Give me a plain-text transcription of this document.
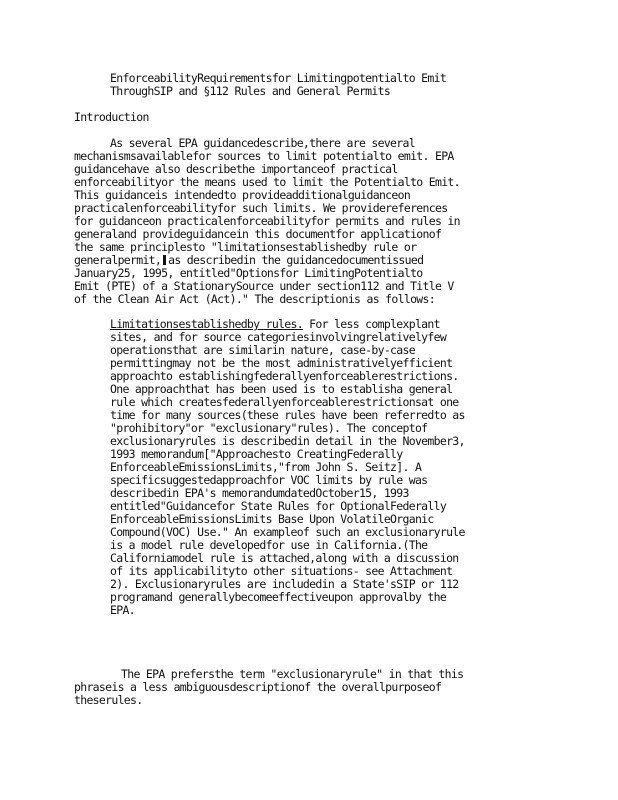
EnforceabilityRequirementsfor Limitingpotentialto Emit
ThroughSIP and §112 Rules and General Permits
Introduction
As several EPA guidancedescribe,there are several
mechanismsavailablefor sources to limit potentialto emit. EPA
guidancehave also describethe importanceof practical
enforceabilityor the means used to limit the Potentialto Emit.
This guidanceis intendedto provideadditionalguidanceon
practicalenforceabilityfor such limits. We providereferences
for guidanceon practicalenforceabilityfor permits and rules in
generaland provideguidancein this documentfor applicationof
the same principlesto "limitationsestablishedby rule or
generalpermit, as describedin the guidancedocumentissued
January25, 1995, entitled"Optionsfor LimitingPotentialto
Emit (PTE) of a StationarySource under section112 and Title V
of the Clean Air Act (Act)." The descriptionis as follows:
Limitationsestablishedby rules. For less complexplant
sites, and for source categoriesinvolvingrelativelyfew
operationsthat are similarin nature, case-by-case
permittingmay not be the most administrativelyefficient
approachto establishingfederallyenforceablerestrictions.
One approachthat has been used is to establisha general
rule which createsfederallyenforceablerestrictionsat one
time for many sources(these rules have been referredto as
"prohibitory"or "exclusionary"rules). The conceptof
exclusionaryrules is describedin detail in the November3,
1993 memorandum["Approachesto CreatingFederally
EnforceableEmissionsLimits,"from John S. Seitz]. A
specificsuggestedapproachfor VOC limits by rule was
describedin EPA's memorandumdatedOctober15, 1993
entitled"Guidancefor State Rules for OptionalFederally
EnforceableEmissionsLimits Base Upon VolatileOrganic
Compound(VOC) Use." An exampleof such an exclusionaryrule
is a model rule developedfor use in California.(The
Californiamodel rule is attached,along with a discussion
of its applicabilityto other situations- see Attachment
2). Exclusionaryrules are includedin a State'sSIP or 112
programand generallybecomeeffectiveupon approvalby the
EPA.
The EPA prefersthe term "exclusionaryrule" in that this
phraseis a less ambiguousdescriptionof the overallpurposeof
theserules.
